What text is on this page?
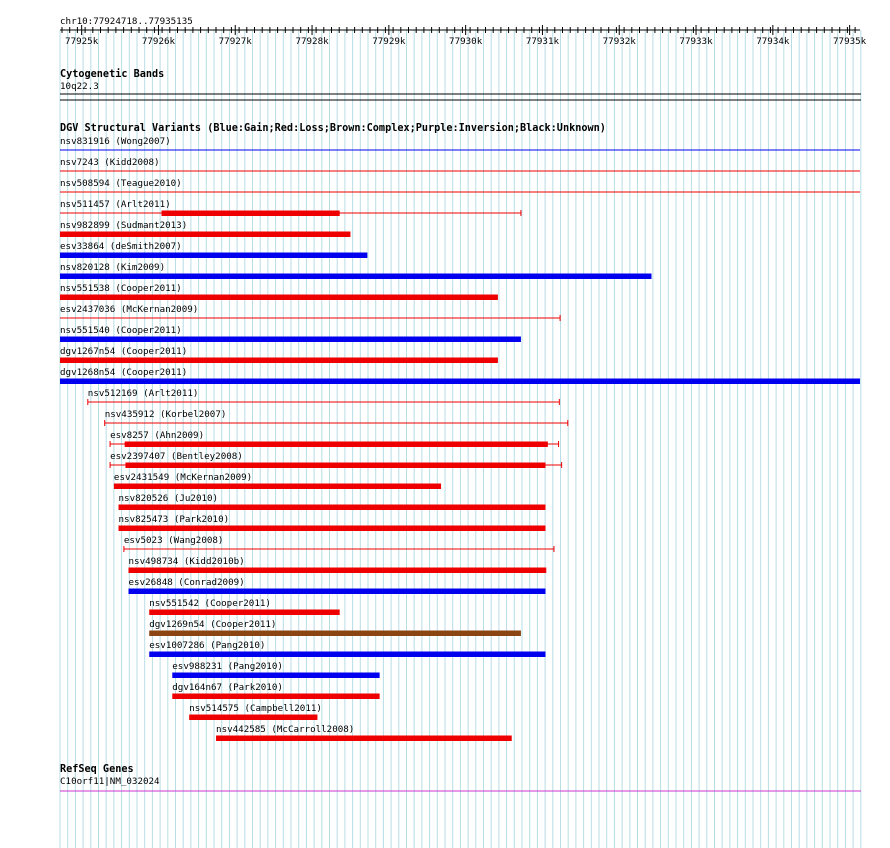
chr10:77924718..77935135
77925k	77926k	77927k	77928k	77929k	77930k	77931k	77932k	77933k	77934k	77935k
Cytogenetic Bands
10q22.3
DGV Structural Variants (Blue:Gain;Red:Loss;Brown:Complex;Purple:Inversion;Black:Unknown)
nsv831916 (Wong2007)
nsv7243 (Kidd2008)
nsv508594 (Teague2010)
nsv511457 (Arlt2011)
nsv982899 (Sudmant2013)
esv33864 (deSmith2007)
nsv820128 (Kim2009)
nsv551538 (Cooper2011)
esv2437036 (McKernan2009)
nsv551540 (Cooper2011)
dgv1267n54 (Cooper2011)
dgv1268n54 (Cooper2011)
nsv512169 (Arlt2011)
nsv435912 (Korbel2007)
esv8257 (Ahn2009)
esv2397407 (Bentley2008)
esv2431549 (McKernan2009)
nsv820526 (Ju2010)
nsv825473 (Park2010)
esv5023 (Wang2008)
nsv498734 (Kidd2010b)
esv26848 (Conrad2009)
nsv551542 (Cooper2011)
dgv1269n54 (Cooper2011)
esv1007286 (Pang2010)
esv988231 (Pang2010)
dgv164n67 (Park2010)
nsv514575 (Campbell2011)
nsv442585 (McCarroll2008)
RefSeq Genes
C10orf11|NM_032024
